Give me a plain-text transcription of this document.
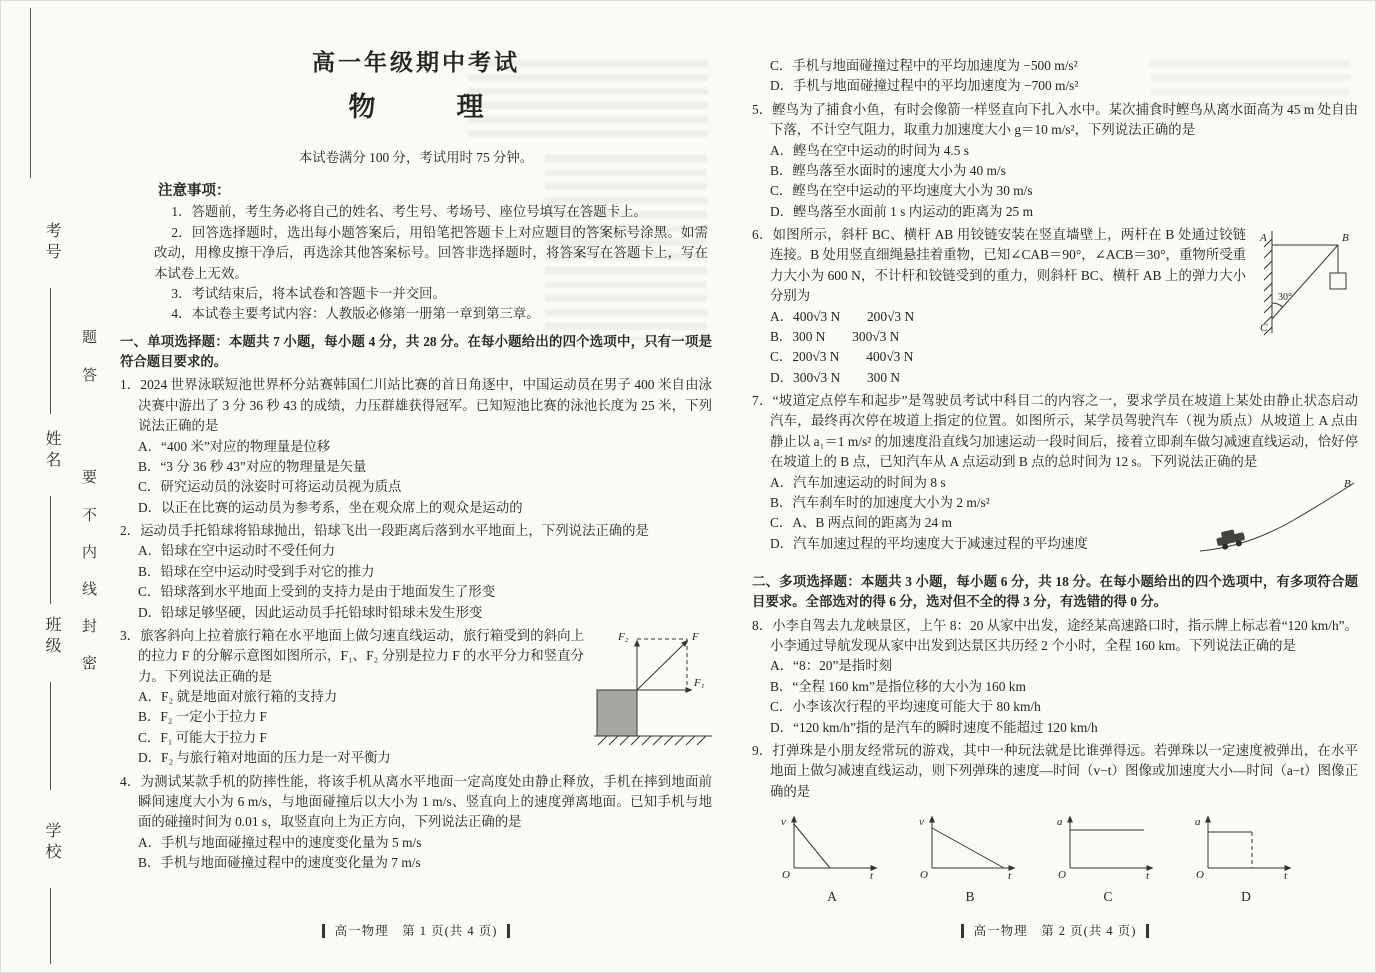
考号
姓名
班级
学校
题
答
要
不
内
线
封
密
高一年级期中考试
物　　　理

本试卷满分 100 分，考试用时 75 分钟。

注意事项：

1．答题前，考生务必将自己的姓名、考生号、考场号、座位号填写在答题卡上。

2．回答选择题时，选出每小题答案后，用铅笔把答题卡上对应题目的答案标号涂黑。如需改动，用橡皮擦干净后，再选涂其他答案标号。回答非选择题时，将答案写在答题卡上，写在本试卷上无效。

3．考试结束后，将本试卷和答题卡一并交回。

4．本试卷主要考试内容：人教版必修第一册第一章到第三章。

一、单项选择题：本题共 7 小题，每小题 4 分，共 28 分。在每小题给出的四个选项中，只有一项是符合题目要求的。

1．2024 世界泳联短池世界杯分站赛韩国仁川站比赛的首日角逐中，中国运动员在男子 400 米自由泳决赛中游出了 3 分 36 秒 43 的成绩，力压群雄获得冠军。已知短池比赛的泳池长度为 25 米，下列说法正确的是

A．“400 米”对应的物理量是位移

B．“3 分 36 秒 43”对应的物理量是矢量

C．研究运动员的泳姿时可将运动员视为质点

D．以正在比赛的运动员为参考系，坐在观众席上的观众是运动的

2．运动员手托铅球将铅球抛出，铅球飞出一段距离后落到水平地面上，下列说法正确的是

A．铅球在空中运动时不受任何力

B．铅球在空中运动时受到手对它的推力

C．铅球落到水平地面上受到的支持力是由于地面发生了形变

D．铅球足够坚硬，因此运动员手托铅球时铅球未发生形变

F₂	F
F₁

3．旅客斜向上拉着旅行箱在水平地面上做匀速直线运动，旅行箱受到的斜向上的拉力 F 的分解示意图如图所示，F₁、F₂ 分别是拉力 F 的水平分力和竖直分力。下列说法正确的是

A．F₂ 就是地面对旅行箱的支持力

B．F₂ 一定小于拉力 F

C．F₁ 可能大于拉力 F

D．F₂ 与旅行箱对地面的压力是一对平衡力

4．为测试某款手机的防摔性能，将该手机从离水平地面一定高度处由静止释放，手机在摔到地面前瞬间速度大小为 6 m/s，与地面碰撞后以大小为 1 m/s、竖直向上的速度弹离地面。已知手机与地面的碰撞时间为 0.01 s，取竖直向上为正方向，下列说法正确的是

A．手机与地面碰撞过程中的速度变化量为 5 m/s

B．手机与地面碰撞过程中的速度变化量为 7 m/s

高一物理　第 1 页(共 4 页)

C．手机与地面碰撞过程中的平均加速度为 −500 m/s²

D．手机与地面碰撞过程中的平均加速度为 −700 m/s²

5．鲣鸟为了捕食小鱼，有时会像箭一样竖直向下扎入水中。某次捕食时鲣鸟从离水面高为 45 m 处自由下落，不计空气阻力，取重力加速度大小 g＝10 m/s²，下列说法正确的是

A．鲣鸟在空中运动的时间为 4.5 s

B．鲣鸟落至水面时的速度大小为 40 m/s

C．鲣鸟在空中运动的平均速度大小为 30 m/s

D．鲣鸟落至水面前 1 s 内运动的距离为 25 m

A	B
C
30°

6．如图所示，斜杆 BC、横杆 AB 用铰链安装在竖直墙壁上，两杆在 B 处通过铰链连接。B 处用竖直细绳悬挂着重物，已知∠CAB＝90°，∠ACB＝30°，重物所受重力大小为 600 N，不计杆和铰链受到的重力，则斜杆 BC、横杆 AB 上的弹力大小分别为

A．400√3 N　　200√3 N

B．300 N　　300√3 N

C．200√3 N　　400√3 N

D．300√3 N　　300 N

7．“坡道定点停车和起步”是驾驶员考试中科目二的内容之一，要求学员在坡道上某处由静止状态启动汽车，最终再次停在坡道上指定的位置。如图所示，某学员驾驶汽车（视为质点）从坡道上 A 点由静止以 a₁＝1 m/s² 的加速度沿直线匀加速运动一段时间后，接着立即刹车做匀减速直线运动，恰好停在坡道上的 B 点，已知汽车从 A 点运动到 B 点的总时间为 12 s。下列说法正确的是

B

A．汽车加速运动的时间为 8 s

B．汽车刹车时的加速度大小为 2 m/s²

C．A、B 两点间的距离为 24 m

D．汽车加速过程的平均速度大于减速过程的平均速度

二、多项选择题：本题共 3 小题，每小题 6 分，共 18 分。在每小题给出的四个选项中，有多项符合题目要求。全部选对的得 6 分，选对但不全的得 3 分，有选错的得 0 分。

8．小李自驾去九龙峡景区，上午 8：20 从家中出发，途经某高速路口时，指示牌上标志着“120 km/h”。小李通过导航发现从家中出发到达景区共历经 2 个小时，全程 160 km。下列说法正确的是

A．“8：20”是指时刻

B．“全程 160 km”是指位移的大小为 160 km

C．小李该次行程的平均速度可能大于 80 km/h

D．“120 km/h”指的是汽车的瞬时速度不能超过 120 km/h

9．打弹珠是小朋友经常玩的游戏，其中一种玩法就是比谁弹得远。若弹珠以一定速度被弹出，在水平地面上做匀减速直线运动，则下列弹珠的速度—时间（v−t）图像或加速度大小—时间（a−t）图像正确的是

v
t
O
A
v
t
O
B
a
t
O
C
a
t
O
D

高一物理　第 2 页(共 4 页)
